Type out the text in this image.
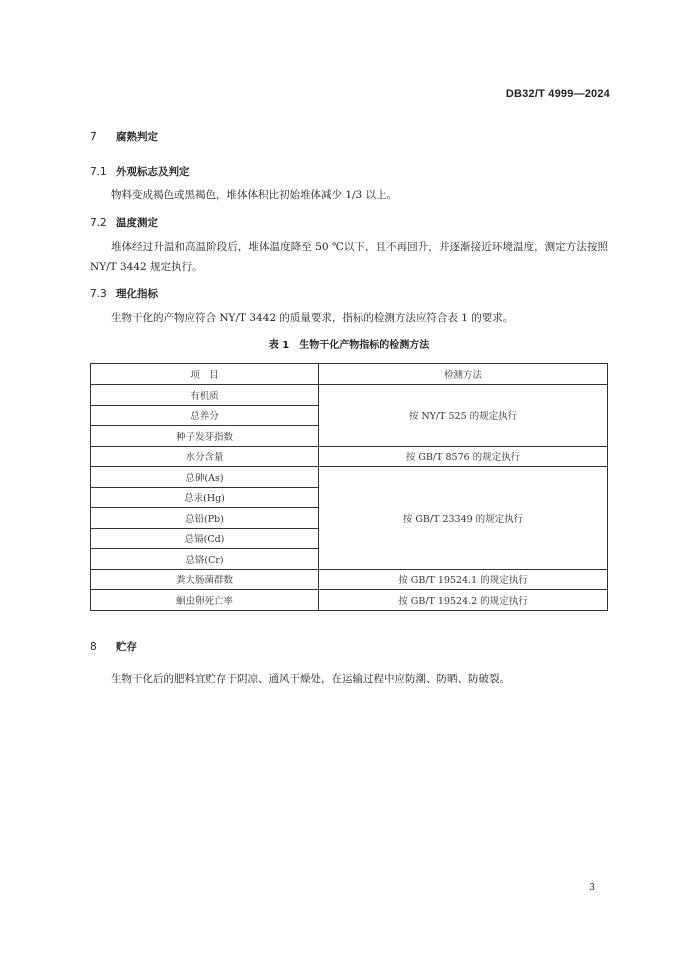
DB32/T 4999—2024
7 腐熟判定
7.1 外观标志及判定
物料变成褐色或黑褐色，堆体体积比初始堆体减少 1/3 以上。
7.2 温度测定
堆体经过升温和高温阶段后，堆体温度降至 50 ℃以下，且不再回升，并逐渐接近环境温度，测定方法按照 NY/T 3442 规定执行。
7.3 理化指标
生物干化的产物应符合 NY/T 3442 的质量要求，指标的检测方法应符合表 1 的要求。
表 1　生物干化产物指标的检测方法
项　目	检测方法
有机质	按 NY/T 525 的规定执行
总养分	
种子发芽指数	
水分含量	按 GB/T 8576 的规定执行
总砷(As)	按 GB/T 23349 的规定执行
总汞(Hg)	
总铅(Pb)	
总镉(Cd)	
总铬(Cr)	
粪大肠菌群数	按 GB/T 19524.1 的规定执行
蛔虫卵死亡率	按 GB/T 19524.2 的规定执行
8 贮存
生物干化后的肥料宜贮存于阴凉、通风干燥处，在运输过程中应防潮、防晒、防破裂。
3
